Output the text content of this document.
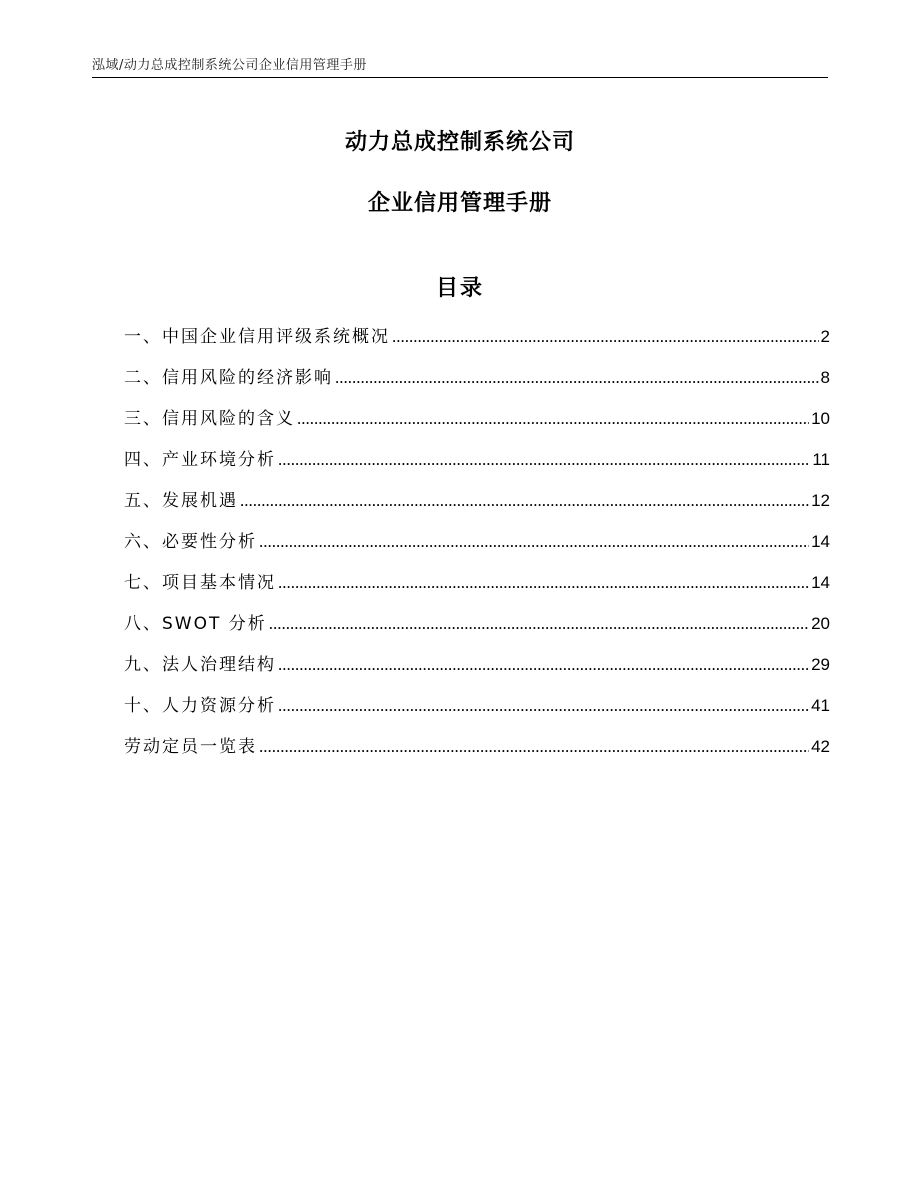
泓域/动力总成控制系统公司企业信用管理手册
动力总成控制系统公司
企业信用管理手册
目录
一、 中国企业信用评级系统概况 .....	2
二、 信用风险的经济影响 .....	8
三、 信用风险的含义 .....	10
四、 产业环境分析 .....	11
五、 发展机遇 .....	12
六、 必要性分析 .....	14
七、 项目基本情况 .....	14
八、 SWOT 分析 .....	20
九、 法人治理结构 .....	29
十、 人力资源分析 .....	41
劳动定员一览表 .....	42
